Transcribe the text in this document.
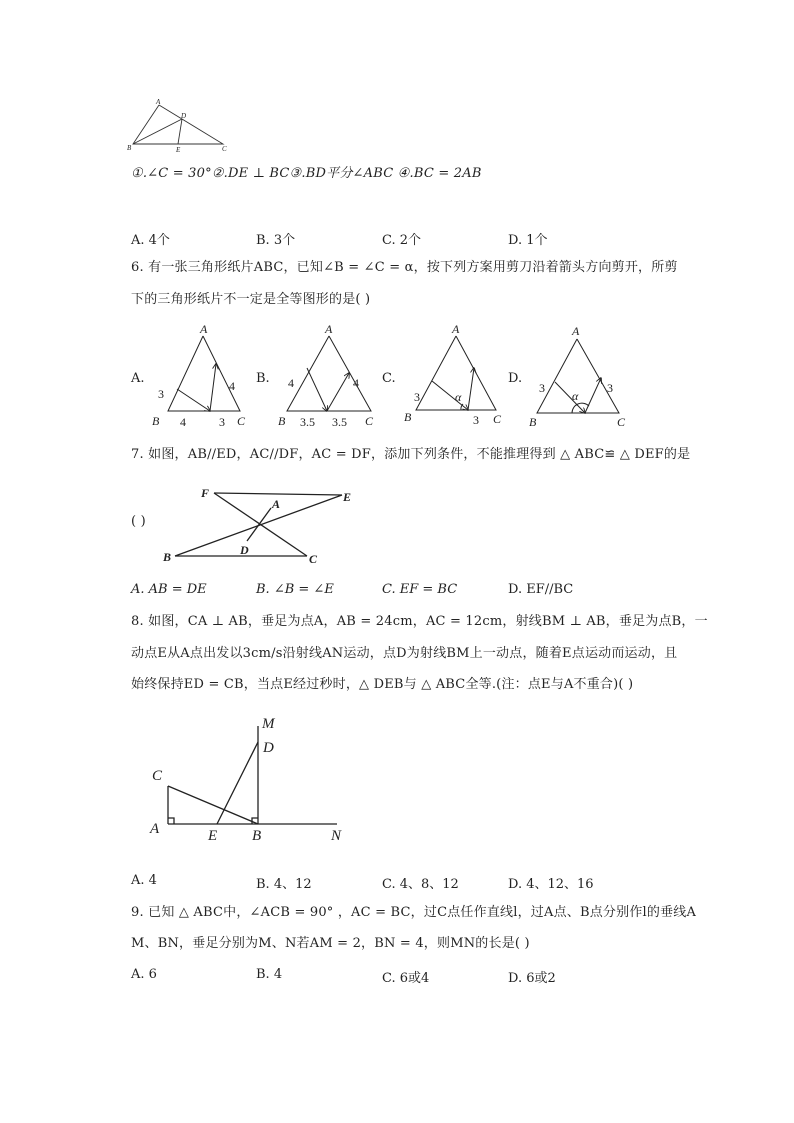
A
D
B	E	C
①.∠C = 30°②.DE ⊥ BC③.BD平分∠ABC ④.BC = 2AB
A. 4个	B. 3个	C. 2个	D. 1个
6. 有一张三角形纸片ABC，已知∠B = ∠C = α，按下列方案用剪刀沿着箭头方向剪开，所剪
下的三角形纸片不一定是全等图形的是( )
A.	B.	C.	D.
A
B	C
3
4
4
3
A
B	C
4	4
3.5 3.5
A
B	C
3
3
α
A
B	C
3	3
α
7. 如图，AB//ED，AC//DF，AC = DF，添加下列条件，不能推理得到 △ ABC≌ △ DEF的是
( )
F
A	E
B	D
C
A. AB = DE	B. ∠B = ∠E	C. EF = BC	D. EF//BC
8. 如图，CA ⊥ AB，垂足为点A，AB = 24cm，AC = 12cm，射线BM ⊥ AB，垂足为点B，一
动点E从A点出发以3cm/s沿射线AN运动，点D为射线BM上一动点，随着E点运动而运动，且
始终保持ED = CB，当点E经过秒时，△ DEB与 △ ABC全等.(注：点E与A不重合)( )
M
D
C
A	E B	N
A. 4	B. 4、12	C. 4、8、12	D. 4、12、16
9. 已知 △ ABC中，∠ACB = 90° ，AC = BC，过C点任作直线l，过A点、B点分别作l的垂线A
M、BN，垂足分别为M、N若AM = 2，BN = 4，则MN的长是( )
A. 6	B. 4	C. 6或4	D. 6或2
